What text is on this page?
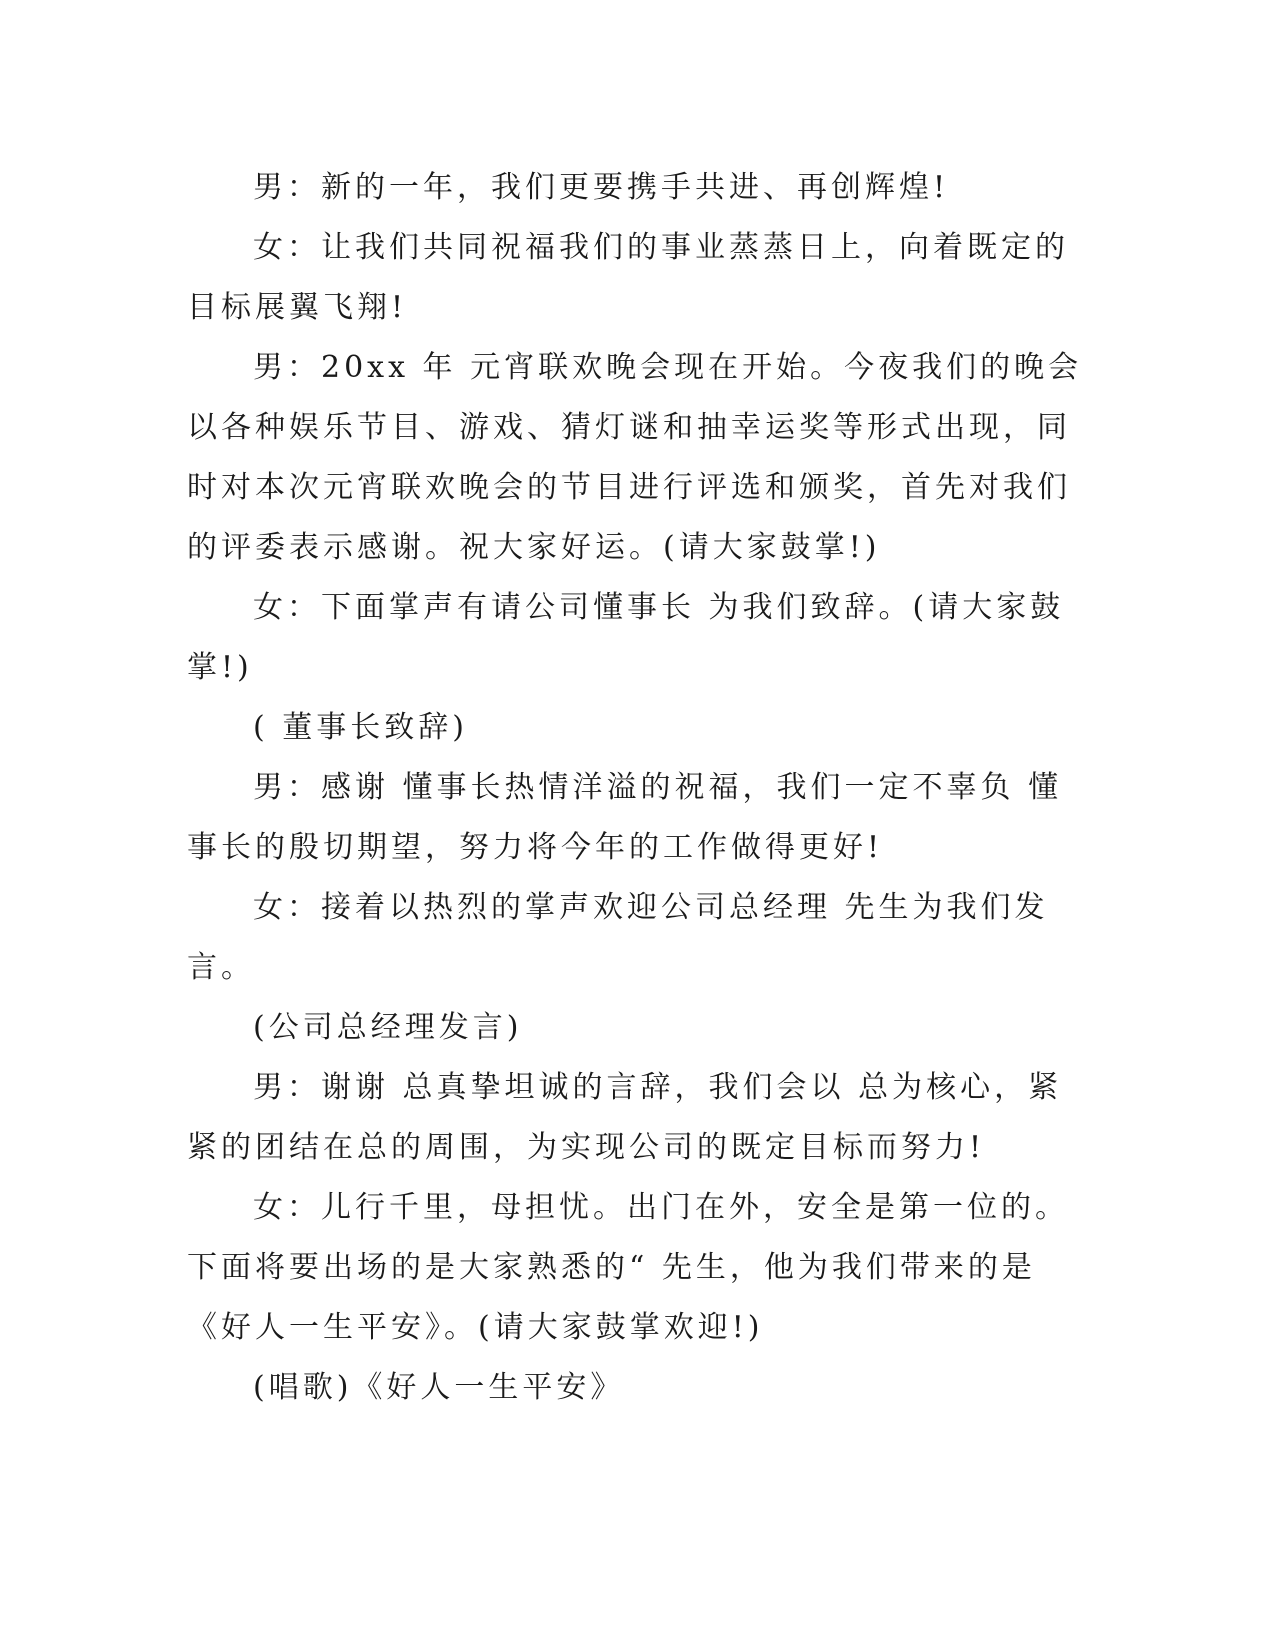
男：新的一年，我们更要携手共进、再创辉煌!

女：让我们共同祝福我们的事业蒸蒸日上，向着既定的目标展翼飞翔!

男：20xx 年 元宵联欢晚会现在开始。今夜我们的晚会以各种娱乐节目、游戏、猜灯谜和抽幸运奖等形式出现，同时对本次元宵联欢晚会的节目进行评选和颁奖，首先对我们的评委表示感谢。祝大家好运。(请大家鼓掌!)

女：下面掌声有请公司懂事长 为我们致辞。(请大家鼓掌!)

( 董事长致辞)

男：感谢 懂事长热情洋溢的祝福，我们一定不辜负 懂事长的殷切期望，努力将今年的工作做得更好!

女：接着以热烈的掌声欢迎公司总经理 先生为我们发言。

(公司总经理发言)

男：谢谢 总真挚坦诚的言辞，我们会以 总为核心，紧紧的团结在总的周围，为实现公司的既定目标而努力!

女：儿行千里，母担忧。出门在外，安全是第一位的。下面将要出场的是大家熟悉的“ 先生，他为我们带来的是《好人一生平安》。(请大家鼓掌欢迎!)

(唱歌)《好人一生平安》
